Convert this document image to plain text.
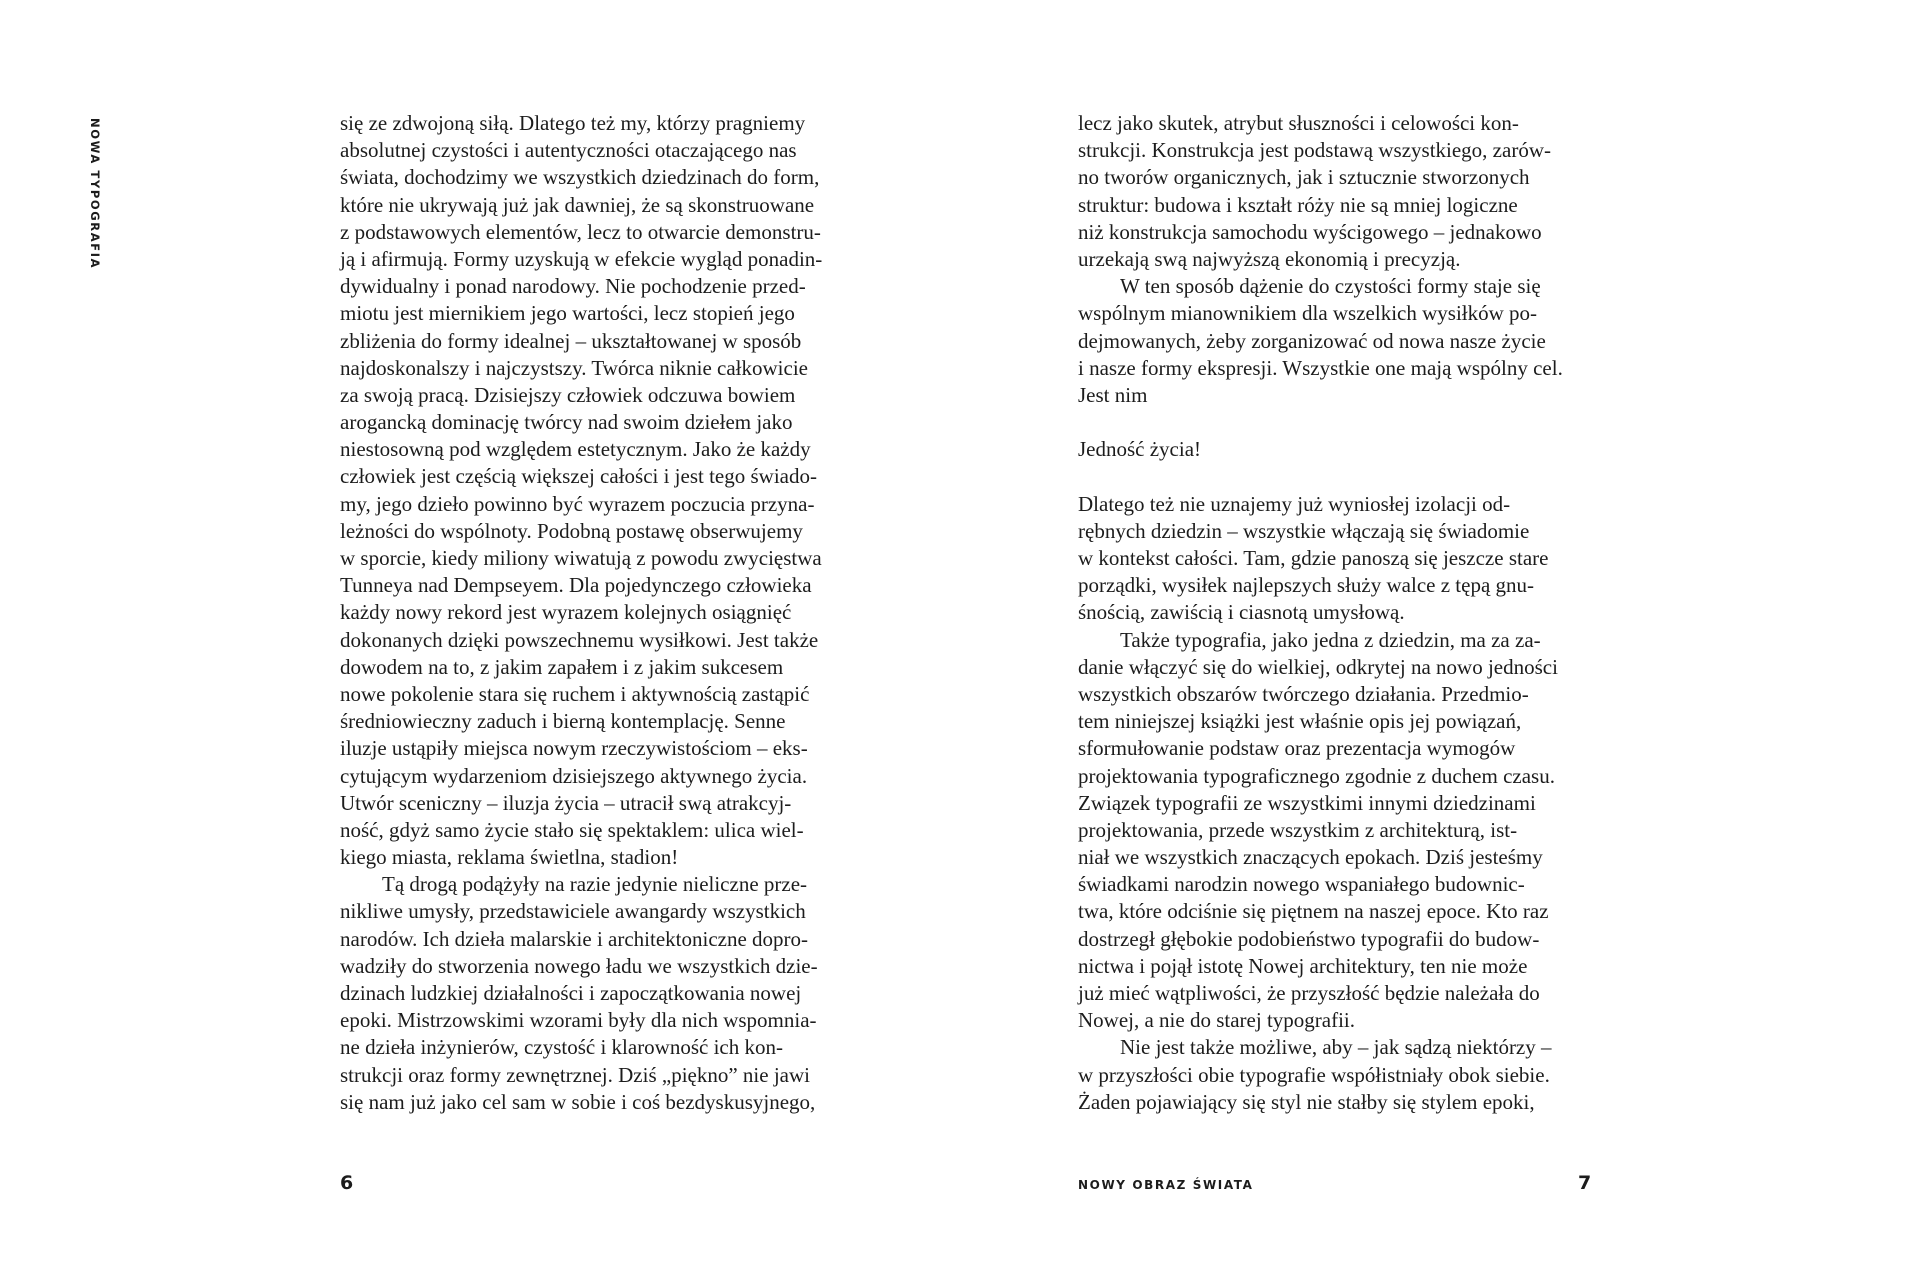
NOWA TYPOGRAFIA	się ze zdwojoną siłą. Dlatego też my, którzy pragniemy
absolutnej czystości i autentyczności otaczającego nas
świata, dochodzimy we wszystkich dziedzinach do form,
które nie ukrywają już jak dawniej, że są skonstruowane
z podstawowych elementów, lecz to otwarcie demonstru-
ją i afirmują. Formy uzyskują w efekcie wygląd ponadin-
dywidualny i ponad narodowy. Nie pochodzenie przed-
miotu jest miernikiem jego wartości, lecz stopień jego
zbliżenia do formy idealnej – ukształtowanej w sposób
najdoskonalszy i najczystszy. Twórca niknie całkowicie
za swoją pracą. Dzisiejszy człowiek odczuwa bowiem
arogancką dominację twórcy nad swoim dziełem jako
niestosowną pod względem estetycznym. Jako że każdy
człowiek jest częścią większej całości i jest tego świado-
my, jego dzieło powinno być wyrazem poczucia przyna-
leżności do wspólnoty. Podobną postawę obserwujemy
w sporcie, kiedy miliony wiwatują z powodu zwycięstwa
Tunneya nad Dempseyem. Dla pojedynczego człowieka
każdy nowy rekord jest wyrazem kolejnych osiągnięć
dokonanych dzięki powszechnemu wysiłkowi. Jest także
dowodem na to, z jakim zapałem i z jakim sukcesem
nowe pokolenie stara się ruchem i aktywnością zastąpić
średniowieczny zaduch i bierną kontemplację. Senne
iluzje ustąpiły miejsca nowym rzeczywistościom – eks-
cytującym wydarzeniom dzisiejszego aktywnego życia.
Utwór sceniczny – iluzja życia – utracił swą atrakcyj-
ność, gdyż samo życie stało się spektaklem: ulica wiel-
kiego miasta, reklama świetlna, stadion!
Tą drogą podążyły na razie jedynie nieliczne prze-
nikliwe umysły, przedstawiciele awangardy wszystkich
narodów. Ich dzieła malarskie i architektoniczne dopro-
wadziły do stworzenia nowego ładu we wszystkich dzie-
dzinach ludzkiej działalności i zapoczątkowania nowej
epoki. Mistrzowskimi wzorami były dla nich wspomnia-
ne dzieła inżynierów, czystość i klarowność ich kon-
strukcji oraz formy zewnętrznej. Dziś „piękno” nie jawi
się nam już jako cel sam w sobie i coś bezdyskusyjnego,
lecz jako skutek, atrybut słuszności i celowości kon-
strukcji. Konstrukcja jest podstawą wszystkiego, zarów-
no tworów organicznych, jak i sztucznie stworzonych
struktur: budowa i kształt róży nie są mniej logiczne
niż konstrukcja samochodu wyścigowego – jednakowo
urzekają swą najwyższą ekonomią i precyzją.
W ten sposób dążenie do czystości formy staje się
wspólnym mianownikiem dla wszelkich wysiłków po-
dejmowanych, żeby zorganizować od nowa nasze życie
i nasze formy ekspresji. Wszystkie one mają wspólny cel.
Jest nim
Jedność życia!
Dlatego też nie uznajemy już wyniosłej izolacji od-
rębnych dziedzin – wszystkie włączają się świadomie
w kontekst całości. Tam, gdzie panoszą się jeszcze stare
porządki, wysiłek najlepszych służy walce z tępą gnu-
śnością, zawiścią i ciasnotą umysłową.
Także typografia, jako jedna z dziedzin, ma za za-
danie włączyć się do wielkiej, odkrytej na nowo jedności
wszystkich obszarów twórczego działania. Przedmio-
tem niniejszej książki jest właśnie opis jej powiązań,
sformułowanie podstaw oraz prezentacja wymogów
projektowania typograficznego zgodnie z duchem czasu.
Związek typografii ze wszystkimi innymi dziedzinami
projektowania, przede wszystkim z architekturą, ist-
niał we wszystkich znaczących epokach. Dziś jesteśmy
świadkami narodzin nowego wspaniałego budownic-
twa, które odciśnie się piętnem na naszej epoce. Kto raz
dostrzegł głębokie podobieństwo typografii do budow-
nictwa i pojął istotę Nowej architektury, ten nie może
już mieć wątpliwości, że przyszłość będzie należała do
Nowej, a nie do starej typografii.
Nie jest także możliwe, aby – jak sądzą niektórzy –
w przyszłości obie typografie współistniały obok siebie.
Żaden pojawiający się styl nie stałby się stylem epoki,
6	NOWY OBRAZ ŚWIATA	7
